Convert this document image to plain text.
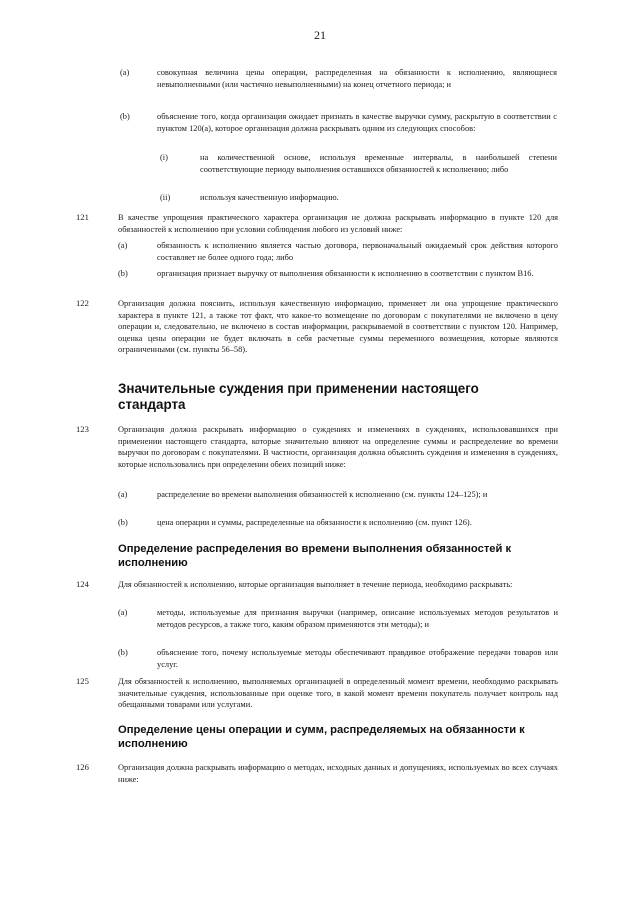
21
(a)	совокупная величина цены операции, распределенная на обязанности к исполнению, являющиеся невыполненными (или частично невыполненными) на конец отчетного периода; и
(b)	объяснение того, когда организация ожидает признать в качестве выручки сумму, раскрытую в соответствии с пунктом 120(a), которое организация должна раскрывать одним из следующих способов:
(i)	на количественной основе, используя временные интервалы, в наибольшей степени соответствующие периоду выполнения оставшихся обязанностей к исполнению; либо
(ii)	используя качественную информацию.
121	В качестве упрощения практического характера организация не должна раскрывать информацию в пункте 120 для обязанностей к исполнению при условии соблюдения любого из условий ниже:
(a)	обязанность к исполнению является частью договора, первоначальный ожидаемый срок действия которого составляет не более одного года; либо
(b)	организация признает выручку от выполнения обязанности к исполнению в соответствии с пунктом В16.
122	Организация должна пояснить, используя качественную информацию, применяет ли она упрощение практического характера в пункте 121, а также тот факт, что какое-то возмещение по договорам с покупателями не включено в цену операции и, следовательно, не включено в состав информации, раскрываемой в соответствии с пунктом 120. Например, оценка цены операции не будет включать в себя расчетные суммы переменного возмещения, которые являются ограниченными (см. пункты 56–58).
Значительные суждения при применении настоящего стандарта
123	Организация должна раскрывать информацию о суждениях и изменениях в суждениях, использовавшихся при применении настоящего стандарта, которые значительно влияют на определение суммы и распределение во времени выручки по договорам с покупателями. В частности, организация должна объяснить суждения и изменения в суждениях, которые использовались при определении обеих позиций ниже:
(a)	распределение во времени выполнения обязанностей к исполнению (см. пункты 124–125); и
(b)	цена операции и суммы, распределенные на обязанности к исполнению (см. пункт 126).
Определение распределения во времени выполнения обязанностей к исполнению
124	Для обязанностей к исполнению, которые организация выполняет в течение периода, необходимо раскрывать:
(a)	методы, используемые для признания выручки (например, описание используемых методов результатов и методов ресурсов, а также того, каким образом применяются эти методы); и
(b)	объяснение того, почему используемые методы обеспечивают правдивое отображение передачи товаров или услуг.
125	Для обязанностей к исполнению, выполняемых организацией в определенный момент времени, необходимо раскрывать значительные суждения, использованные при оценке того, в какой момент времени покупатель получает контроль над обещанными товарами или услугами.
Определение цены операции и сумм, распределяемых на обязанности к исполнению
126	Организация должна раскрывать информацию о методах, исходных данных и допущениях, используемых во всех случаях ниже:
